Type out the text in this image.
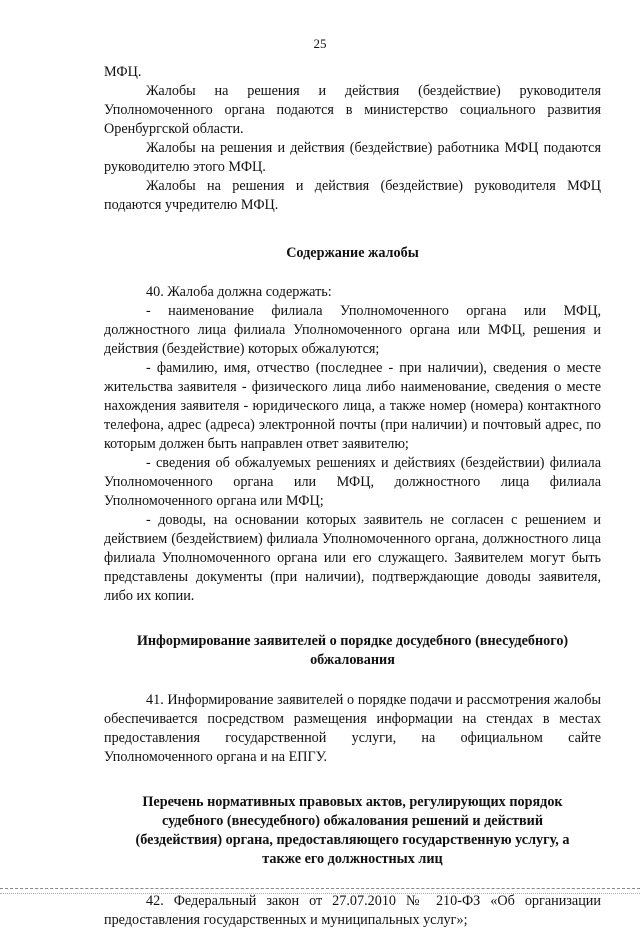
25

МФЦ.

Жалобы на решения и действия (бездействие) руководителя Уполномоченного органа подаются в министерство социального развития Оренбургской области.

Жалобы на решения и действия (бездействие) работника МФЦ подаются руководителю этого МФЦ.

Жалобы на решения и действия (бездействие) руководителя МФЦ подаются учредителю МФЦ.

Содержание жалобы

40. Жалоба должна содержать:

- наименование филиала Уполномоченного органа или МФЦ, должностного лица филиала Уполномоченного органа или МФЦ, решения и действия (бездействие) которых обжалуются;

- фамилию, имя, отчество (последнее - при наличии), сведения о месте жительства заявителя - физического лица либо наименование, сведения о месте нахождения заявителя - юридического лица, а также номер (номера) контактного телефона, адрес (адреса) электронной почты (при наличии) и почтовый адрес, по которым должен быть направлен ответ заявителю;

- сведения об обжалуемых решениях и действиях (бездействии) филиала Уполномоченного органа или МФЦ, должностного лица филиала Уполномоченного органа или МФЦ;

- доводы, на основании которых заявитель не согласен с решением и действием (бездействием) филиала Уполномоченного органа, должностного лица филиала Уполномоченного органа или его служащего. Заявителем могут быть представлены документы (при наличии), подтверждающие доводы заявителя, либо их копии.

Информирование заявителей о порядке досудебного (внесудебного)
обжалования

41. Информирование заявителей о порядке подачи и рассмотрения жалобы обеспечивается посредством размещения информации на стендах в местах предоставления государственной услуги, на официальном сайте Уполномоченного органа и на ЕПГУ.

Перечень нормативных правовых актов, регулирующих порядок
судебного (внесудебного) обжалования решений и действий
(бездействия) органа, предоставляющего государственную услугу, а
также его должностных лиц

42. Федеральный закон от 27.07.2010 № 210-ФЗ «Об организации предоставления государственных и муниципальных услуг»;
